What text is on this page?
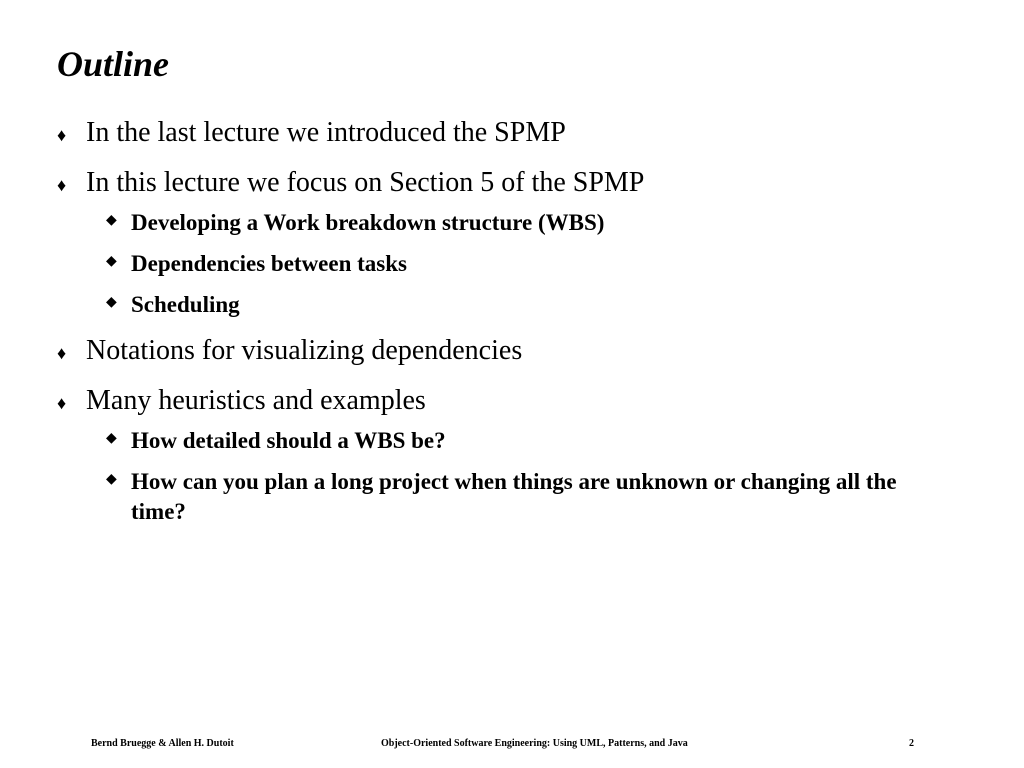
Outline
♦ In the last lecture we introduced the SPMP
♦ In this lecture we focus on Section 5 of the SPMP
◆ Developing a Work breakdown structure (WBS)
◆ Dependencies between tasks
◆ Scheduling
♦ Notations for visualizing dependencies
♦ Many heuristics and examples
◆ How detailed should a WBS be?
◆ How can you plan a long project when things are unknown or changing all the time?
Bernd Bruegge & Allen H. Dutoit	Object-Oriented Software Engineering: Using UML, Patterns, and Java	2
